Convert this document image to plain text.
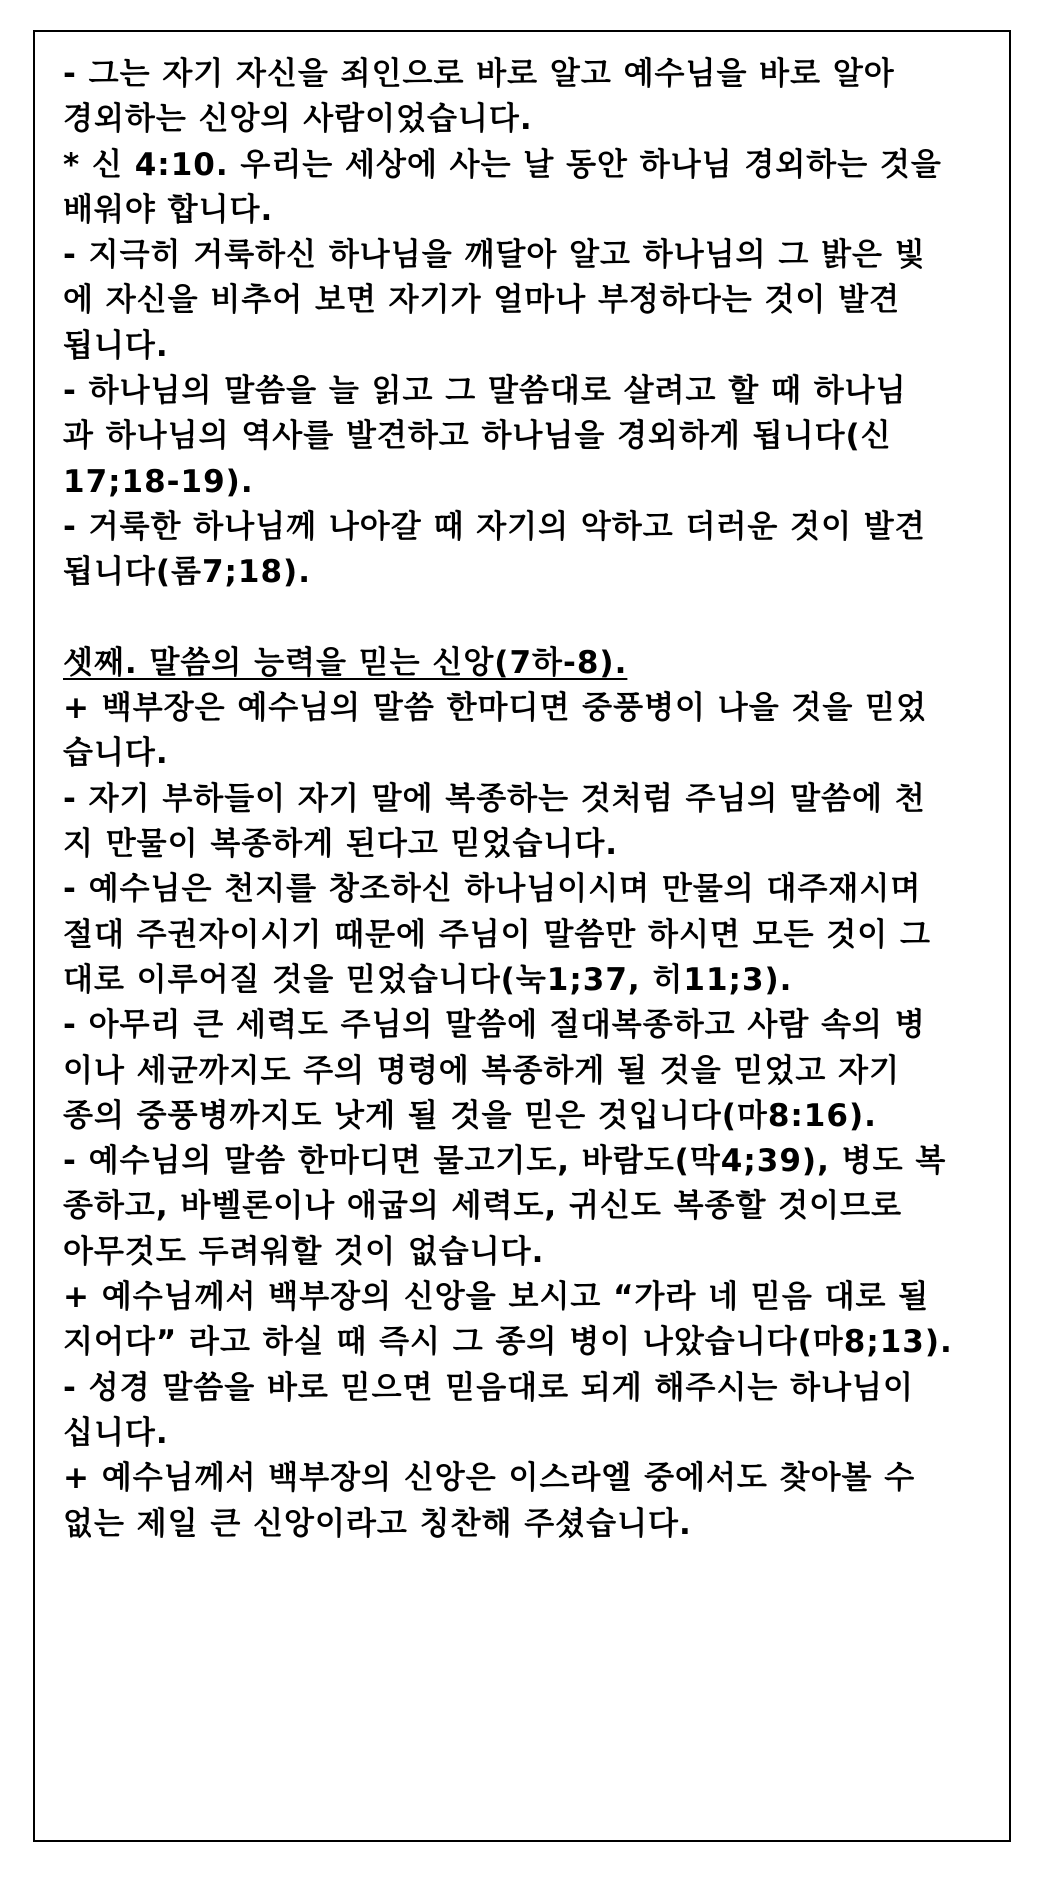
- 그는 자기 자신을 죄인으로 바로 알고 예수님을 바로 알아
경외하는 신앙의 사람이었습니다.
* 신 4:10. 우리는 세상에 사는 날 동안 하나님 경외하는 것을
배워야 합니다.
- 지극히 거룩하신 하나님을 깨달아 알고 하나님의 그 밝은 빛
에 자신을 비추어 보면 자기가 얼마나 부정하다는 것이 발견
됩니다.
- 하나님의 말씀을 늘 읽고 그 말씀대로 살려고 할 때 하나님
과 하나님의 역사를 발견하고 하나님을 경외하게 됩니다(신
17;18-19).
- 거룩한 하나님께 나아갈 때 자기의 악하고 더러운 것이 발견
됩니다(롬7;18).
셋째. 말씀의 능력을 믿는 신앙(7하-8).
+ 백부장은 예수님의 말씀 한마디면 중풍병이 나을 것을 믿었
습니다.
- 자기 부하들이 자기 말에 복종하는 것처럼 주님의 말씀에 천
지 만물이 복종하게 된다고 믿었습니다.
- 예수님은 천지를 창조하신 하나님이시며 만물의 대주재시며
절대 주권자이시기 때문에 주님이 말씀만 하시면 모든 것이 그
대로 이루어질 것을 믿었습니다(눅1;37, 히11;3).
- 아무리 큰 세력도 주님의 말씀에 절대복종하고 사람 속의 병
이나 세균까지도 주의 명령에 복종하게 될 것을 믿었고 자기
종의 중풍병까지도 낫게 될 것을 믿은 것입니다(마8:16).
- 예수님의 말씀 한마디면 물고기도, 바람도(막4;39), 병도 복
종하고, 바벨론이나 애굽의 세력도, 귀신도 복종할 것이므로
아무것도 두려워할 것이 없습니다.
+ 예수님께서 백부장의 신앙을 보시고 “가라 네 믿음 대로 될
지어다” 라고 하실 때 즉시 그 종의 병이 나았습니다(마8;13).
- 성경 말씀을 바로 믿으면 믿음대로 되게 해주시는 하나님이
십니다.
+ 예수님께서 백부장의 신앙은 이스라엘 중에서도 찾아볼 수
없는 제일 큰 신앙이라고 칭찬해 주셨습니다.
